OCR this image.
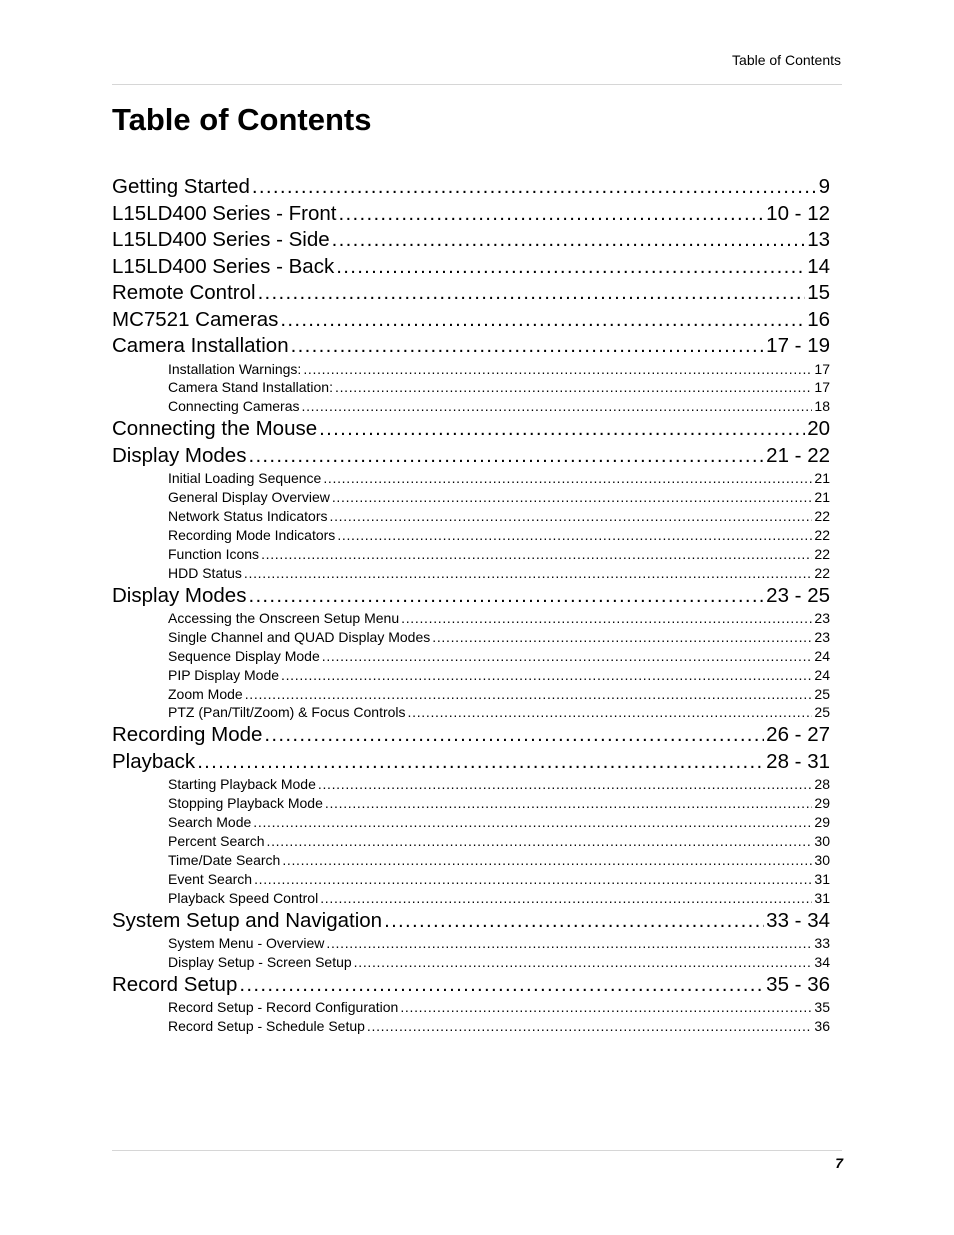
Table of Contents
Table of Contents
Getting Started . . .	9
L15LD400 Series - Front . . .	10 - 12
L15LD400 Series - Side . . .	13
L15LD400 Series - Back . . .	14
Remote Control . . .	15
MC7521 Cameras . . .	16
Camera Installation . . .	17 - 19
Installation Warnings: . . .	17
Camera Stand Installation: . . .	17
Connecting Cameras . . .	18
Connecting the Mouse . . .	20
Display Modes . . .	21 - 22
Initial Loading Sequence . . .	21
General Display Overview . . .	21
Network Status Indicators . . .	22
Recording Mode Indicators . . .	22
Function Icons . . .	22
HDD Status . . .	22
Display Modes . . .	23 - 25
Accessing the Onscreen Setup Menu . . .	23
Single Channel and QUAD Display Modes . . .	23
Sequence Display Mode . . .	24
PIP Display Mode . . .	24
Zoom Mode . . .	25
PTZ (Pan/Tilt/Zoom) & Focus Controls . . .	25
Recording Mode . . .	26 - 27
Playback . . .	28 - 31
Starting Playback Mode . . .	28
Stopping Playback Mode . . .	29
Search Mode . . .	29
Percent Search . . .	30
Time/Date Search . . .	30
Event Search . . .	31
Playback Speed Control . . .	31
System Setup and Navigation . . .	33 - 34
System Menu - Overview . . .	33
Display Setup - Screen Setup . . .	34
Record Setup . . .	35 - 36
Record Setup - Record Configuration . . .	35
Record Setup - Schedule Setup . . .	36
7
